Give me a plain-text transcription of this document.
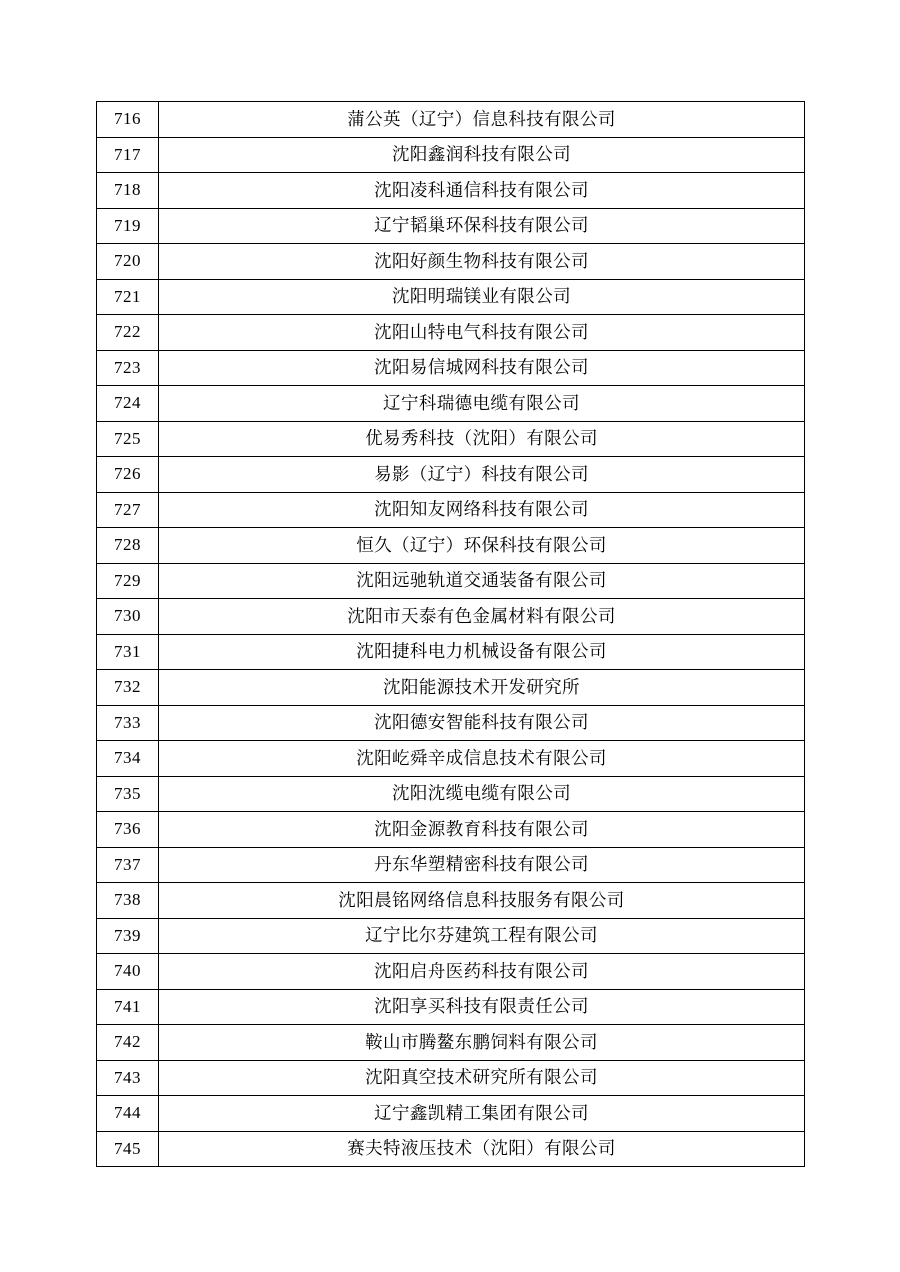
716	蒲公英（辽宁）信息科技有限公司
717	沈阳鑫润科技有限公司
718	沈阳凌科通信科技有限公司
719	辽宁韬巢环保科技有限公司
720	沈阳好颜生物科技有限公司
721	沈阳明瑞镁业有限公司
722	沈阳山特电气科技有限公司
723	沈阳易信城网科技有限公司
724	辽宁科瑞德电缆有限公司
725	优易秀科技（沈阳）有限公司
726	易影（辽宁）科技有限公司
727	沈阳知友网络科技有限公司
728	恒久（辽宁）环保科技有限公司
729	沈阳远驰轨道交通装备有限公司
730	沈阳市天泰有色金属材料有限公司
731	沈阳捷科电力机械设备有限公司
732	沈阳能源技术开发研究所
733	沈阳德安智能科技有限公司
734	沈阳屹舜辛成信息技术有限公司
735	沈阳沈缆电缆有限公司
736	沈阳金源教育科技有限公司
737	丹东华塑精密科技有限公司
738	沈阳晨铭网络信息科技服务有限公司
739	辽宁比尔芬建筑工程有限公司
740	沈阳启舟医药科技有限公司
741	沈阳享买科技有限责任公司
742	鞍山市腾鳌东鹏饲料有限公司
743	沈阳真空技术研究所有限公司
744	辽宁鑫凯精工集团有限公司
745	赛夫特液压技术（沈阳）有限公司
